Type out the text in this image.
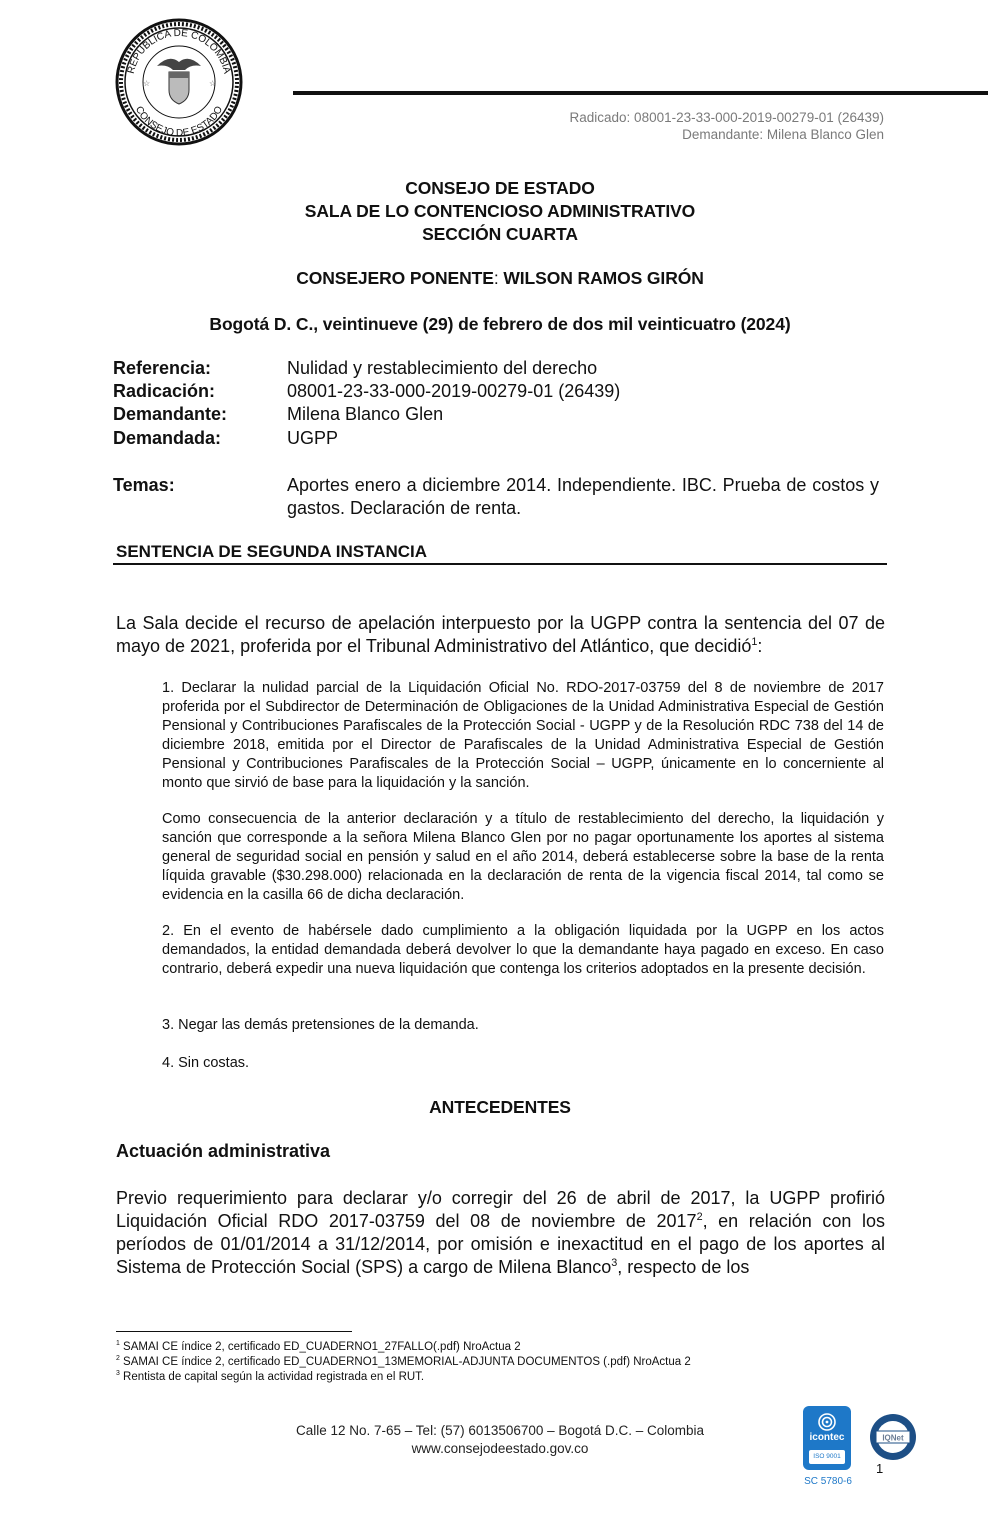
REPÚBLICA DE COLOMBIA
CONSEJO DE ESTADO
☆	☆
Radicado: 08001-23-33-000-2019-00279-01 (26439)
Demandante: Milena Blanco Glen
CONSEJO DE ESTADO
SALA DE LO CONTENCIOSO ADMINISTRATIVO
SECCIÓN CUARTA
CONSEJERO PONENTE: WILSON RAMOS GIRÓN
Bogotá D. C., veintinueve (29) de febrero de dos mil veinticuatro (2024)
Referencia:	Nulidad y restablecimiento del derecho
Radicación:	08001-23-33-000-2019-00279-01 (26439)
Demandante:	Milena Blanco Glen
Demandada:	UGPP
Temas:	Aportes enero a diciembre 2014. Independiente. IBC. Prueba de costos y gastos. Declaración de renta.
SENTENCIA DE SEGUNDA INSTANCIA
La Sala decide el recurso de apelación interpuesto por la UGPP contra la sentencia del 07 de mayo de 2021, proferida por el Tribunal Administrativo del Atlántico, que decidió$^1$:
1. Declarar la nulidad parcial de la Liquidación Oficial No. RDO-2017-03759 del 8 de noviembre de 2017 proferida por el Subdirector de Determinación de Obligaciones de la Unidad Administrativa Especial de Gestión Pensional y Contribuciones Parafiscales de la Protección Social - UGPP y de la Resolución RDC 738 del 14 de diciembre 2018, emitida por el Director de Parafiscales de la Unidad Administrativa Especial de Gestión Pensional y Contribuciones Parafiscales de la Protección Social – UGPP, únicamente en lo concerniente al monto que sirvió de base para la liquidación y la sanción.
Como consecuencia de la anterior declaración y a título de restablecimiento del derecho, la liquidación y sanción que corresponde a la señora Milena Blanco Glen por no pagar oportunamente los aportes al sistema general de seguridad social en pensión y salud en el año 2014, deberá establecerse sobre la base de la renta líquida gravable ($30.298.000) relacionada en la declaración de renta de la vigencia fiscal 2014, tal como se evidencia en la casilla 66 de dicha declaración.
2. En el evento de habérsele dado cumplimiento a la obligación liquidada por la UGPP en los actos demandados, la entidad demandada deberá devolver lo que la demandante haya pagado en exceso. En caso contrario, deberá expedir una nueva liquidación que contenga los criterios adoptados en la presente decisión.
3. Negar las demás pretensiones de la demanda.
4. Sin costas.
ANTECEDENTES
Actuación administrativa
Previo requerimiento para declarar y/o corregir del 26 de abril de 2017, la UGPP profirió Liquidación Oficial RDO 2017-03759 del 08 de noviembre de 2017$^2$, en relación con los períodos de 01/01/2014 a 31/12/2014, por omisión e inexactitud en el pago de los aportes al Sistema de Protección Social (SPS) a cargo de Milena Blanco$^3$, respecto de los
$^1$ SAMAI CE índice 2, certificado ED_CUADERNO1_27FALLO(.pdf) NroActua 2
$^2$ SAMAI CE índice 2, certificado ED_CUADERNO1_13MEMORIAL-ADJUNTA DOCUMENTOS (.pdf) NroActua 2
$^3$ Rentista de capital según la actividad registrada en el RUT.
Calle 12 No. 7-65 – Tel: (57) 6013506700 – Bogotá D.C. – Colombia
www.consejodeestado.gov.co
icontec
ISO 9001
SC 5780-6
IQNet
1
